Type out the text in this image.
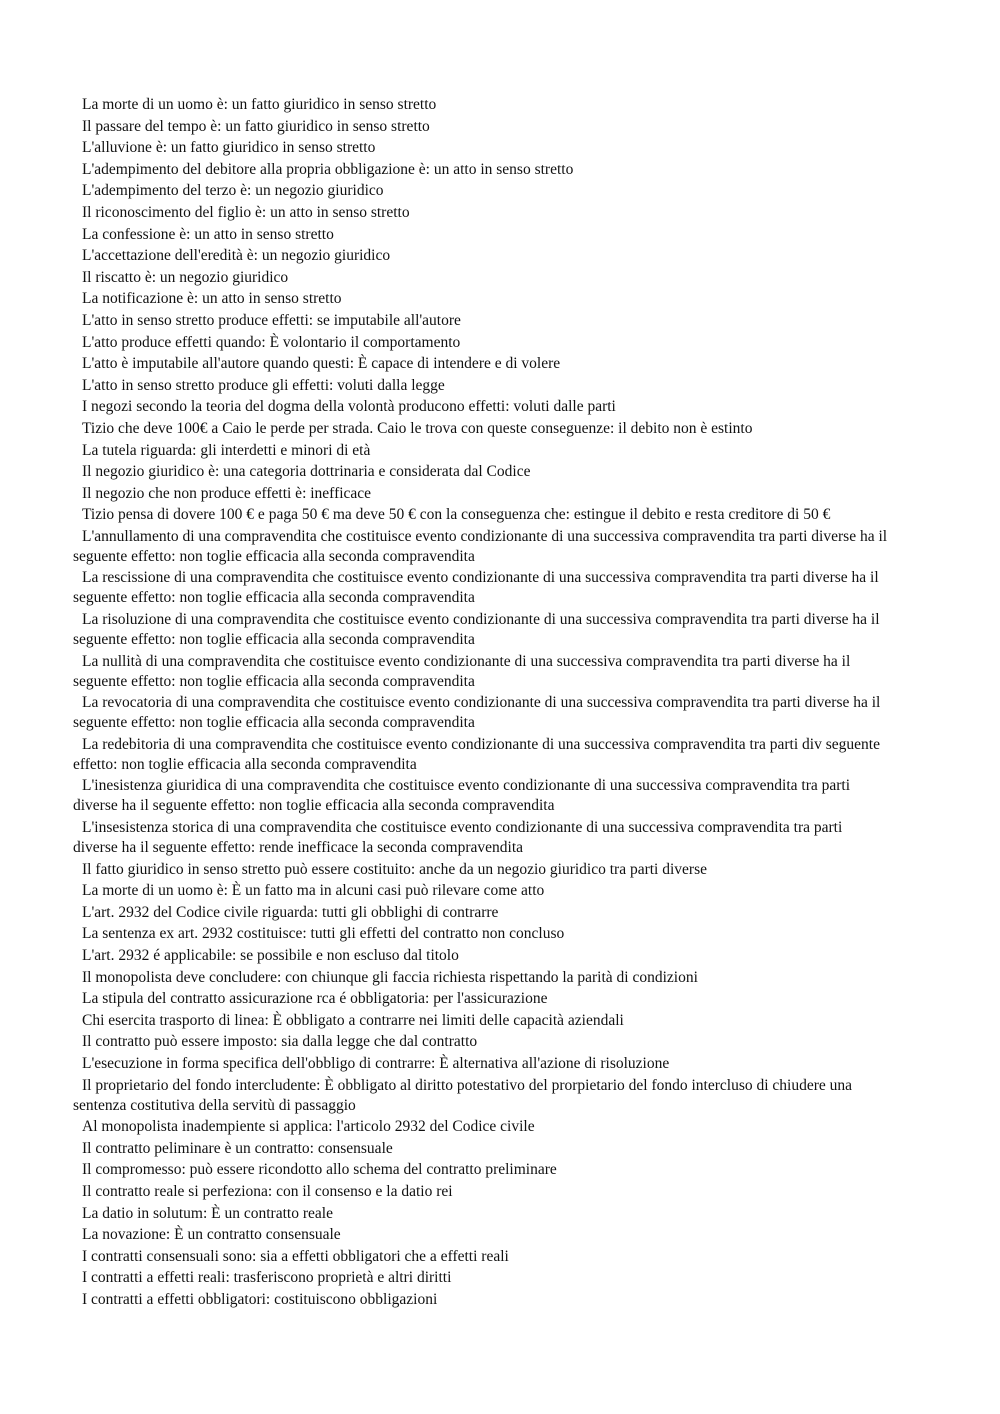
La morte di un uomo è: un fatto giuridico in senso stretto

Il passare del tempo è: un fatto giuridico in senso stretto

L'alluvione è: un fatto giuridico in senso stretto

L'adempimento del debitore alla propria obbligazione è: un atto in senso stretto

L'adempimento del terzo è: un negozio giuridico

Il riconoscimento del figlio è: un atto in senso stretto

La confessione è: un atto in senso stretto

L'accettazione dell'eredità è: un negozio giuridico

Il riscatto è: un negozio giuridico

La notificazione è: un atto in senso stretto

L'atto in senso stretto produce effetti: se imputabile all'autore

L'atto produce effetti quando: È volontario il comportamento

L'atto è imputabile all'autore quando questi: È capace di intendere e di volere

L'atto in senso stretto produce gli effetti: voluti dalla legge

I negozi secondo la teoria del dogma della volontà producono effetti: voluti dalle parti

Tizio che deve 100€ a Caio le perde per strada. Caio le trova con queste conseguenze: il debito non è estinto

La tutela riguarda: gli interdetti e minori di età

Il negozio giuridico è: una categoria dottrinaria e considerata dal Codice

Il negozio che non produce effetti è: inefficace

Tizio pensa di dovere 100 € e paga 50 € ma deve 50 € con la conseguenza che: estingue il debito e resta creditore di 50 €

L'annullamento di una compravendita che costituisce evento condizionante di una successiva compravendita tra parti diverse ha il seguente effetto: non toglie efficacia alla seconda compravendita

La rescissione di una compravendita che costituisce evento condizionante di una successiva compravendita tra parti diverse ha il seguente effetto: non toglie efficacia alla seconda compravendita

La risoluzione di una compravendita che costituisce evento condizionante di una successiva compravendita tra parti diverse ha il seguente effetto: non toglie efficacia alla seconda compravendita

La nullità di una compravendita che costituisce evento condizionante di una successiva compravendita tra parti diverse ha il seguente effetto: non toglie efficacia alla seconda compravendita

La revocatoria di una compravendita che costituisce evento condizionante di una successiva compravendita tra parti diverse ha il seguente effetto: non toglie efficacia alla seconda compravendita

La redebitoria di una compravendita che costituisce evento condizionante di una successiva compravendita tra parti div seguente effetto: non toglie efficacia alla seconda compravendita

L'inesistenza giuridica di una compravendita che costituisce evento condizionante di una successiva compravendita tra parti diverse ha il seguente effetto: non toglie efficacia alla seconda compravendita

L'insesistenza storica di una compravendita che costituisce evento condizionante di una successiva compravendita tra parti diverse ha il seguente effetto: rende inefficace la seconda compravendita

Il fatto giuridico in senso stretto può essere costituito: anche da un negozio giuridico tra parti diverse

La morte di un uomo è: È un fatto ma in alcuni casi può rilevare come atto

L'art. 2932 del Codice civile riguarda: tutti gli obblighi di contrarre

La sentenza ex art. 2932 costituisce: tutti gli effetti del contratto non concluso

L'art. 2932 é applicabile: se possibile e non escluso dal titolo

Il monopolista deve concludere: con chiunque gli faccia richiesta rispettando la parità di condizioni

La stipula del contratto assicurazione rca é obbligatoria: per l'assicurazione

Chi esercita trasporto di linea: È obbligato a contrarre nei limiti delle capacità aziendali

Il contratto può essere imposto: sia dalla legge che dal contratto

L'esecuzione in forma specifica dell'obbligo di contrarre: È alternativa all'azione di risoluzione

Il proprietario del fondo intercludente: È obbligato al diritto potestativo del prorpietario del fondo intercluso di chiudere una sentenza costitutiva della servitù di passaggio

Al monopolista inadempiente si applica: l'articolo 2932 del Codice civile

Il contratto peliminare è un contratto: consensuale

Il compromesso: può essere ricondotto allo schema del contratto preliminare

Il contratto reale si perfeziona: con il consenso e la datio rei

La datio in solutum: È un contratto reale

La novazione: È un contratto consensuale

I contratti consensuali sono: sia a effetti obbligatori che a effetti reali

I contratti a effetti reali: trasferiscono proprietà e altri diritti

I contratti a effetti obbligatori: costituiscono obbligazioni
